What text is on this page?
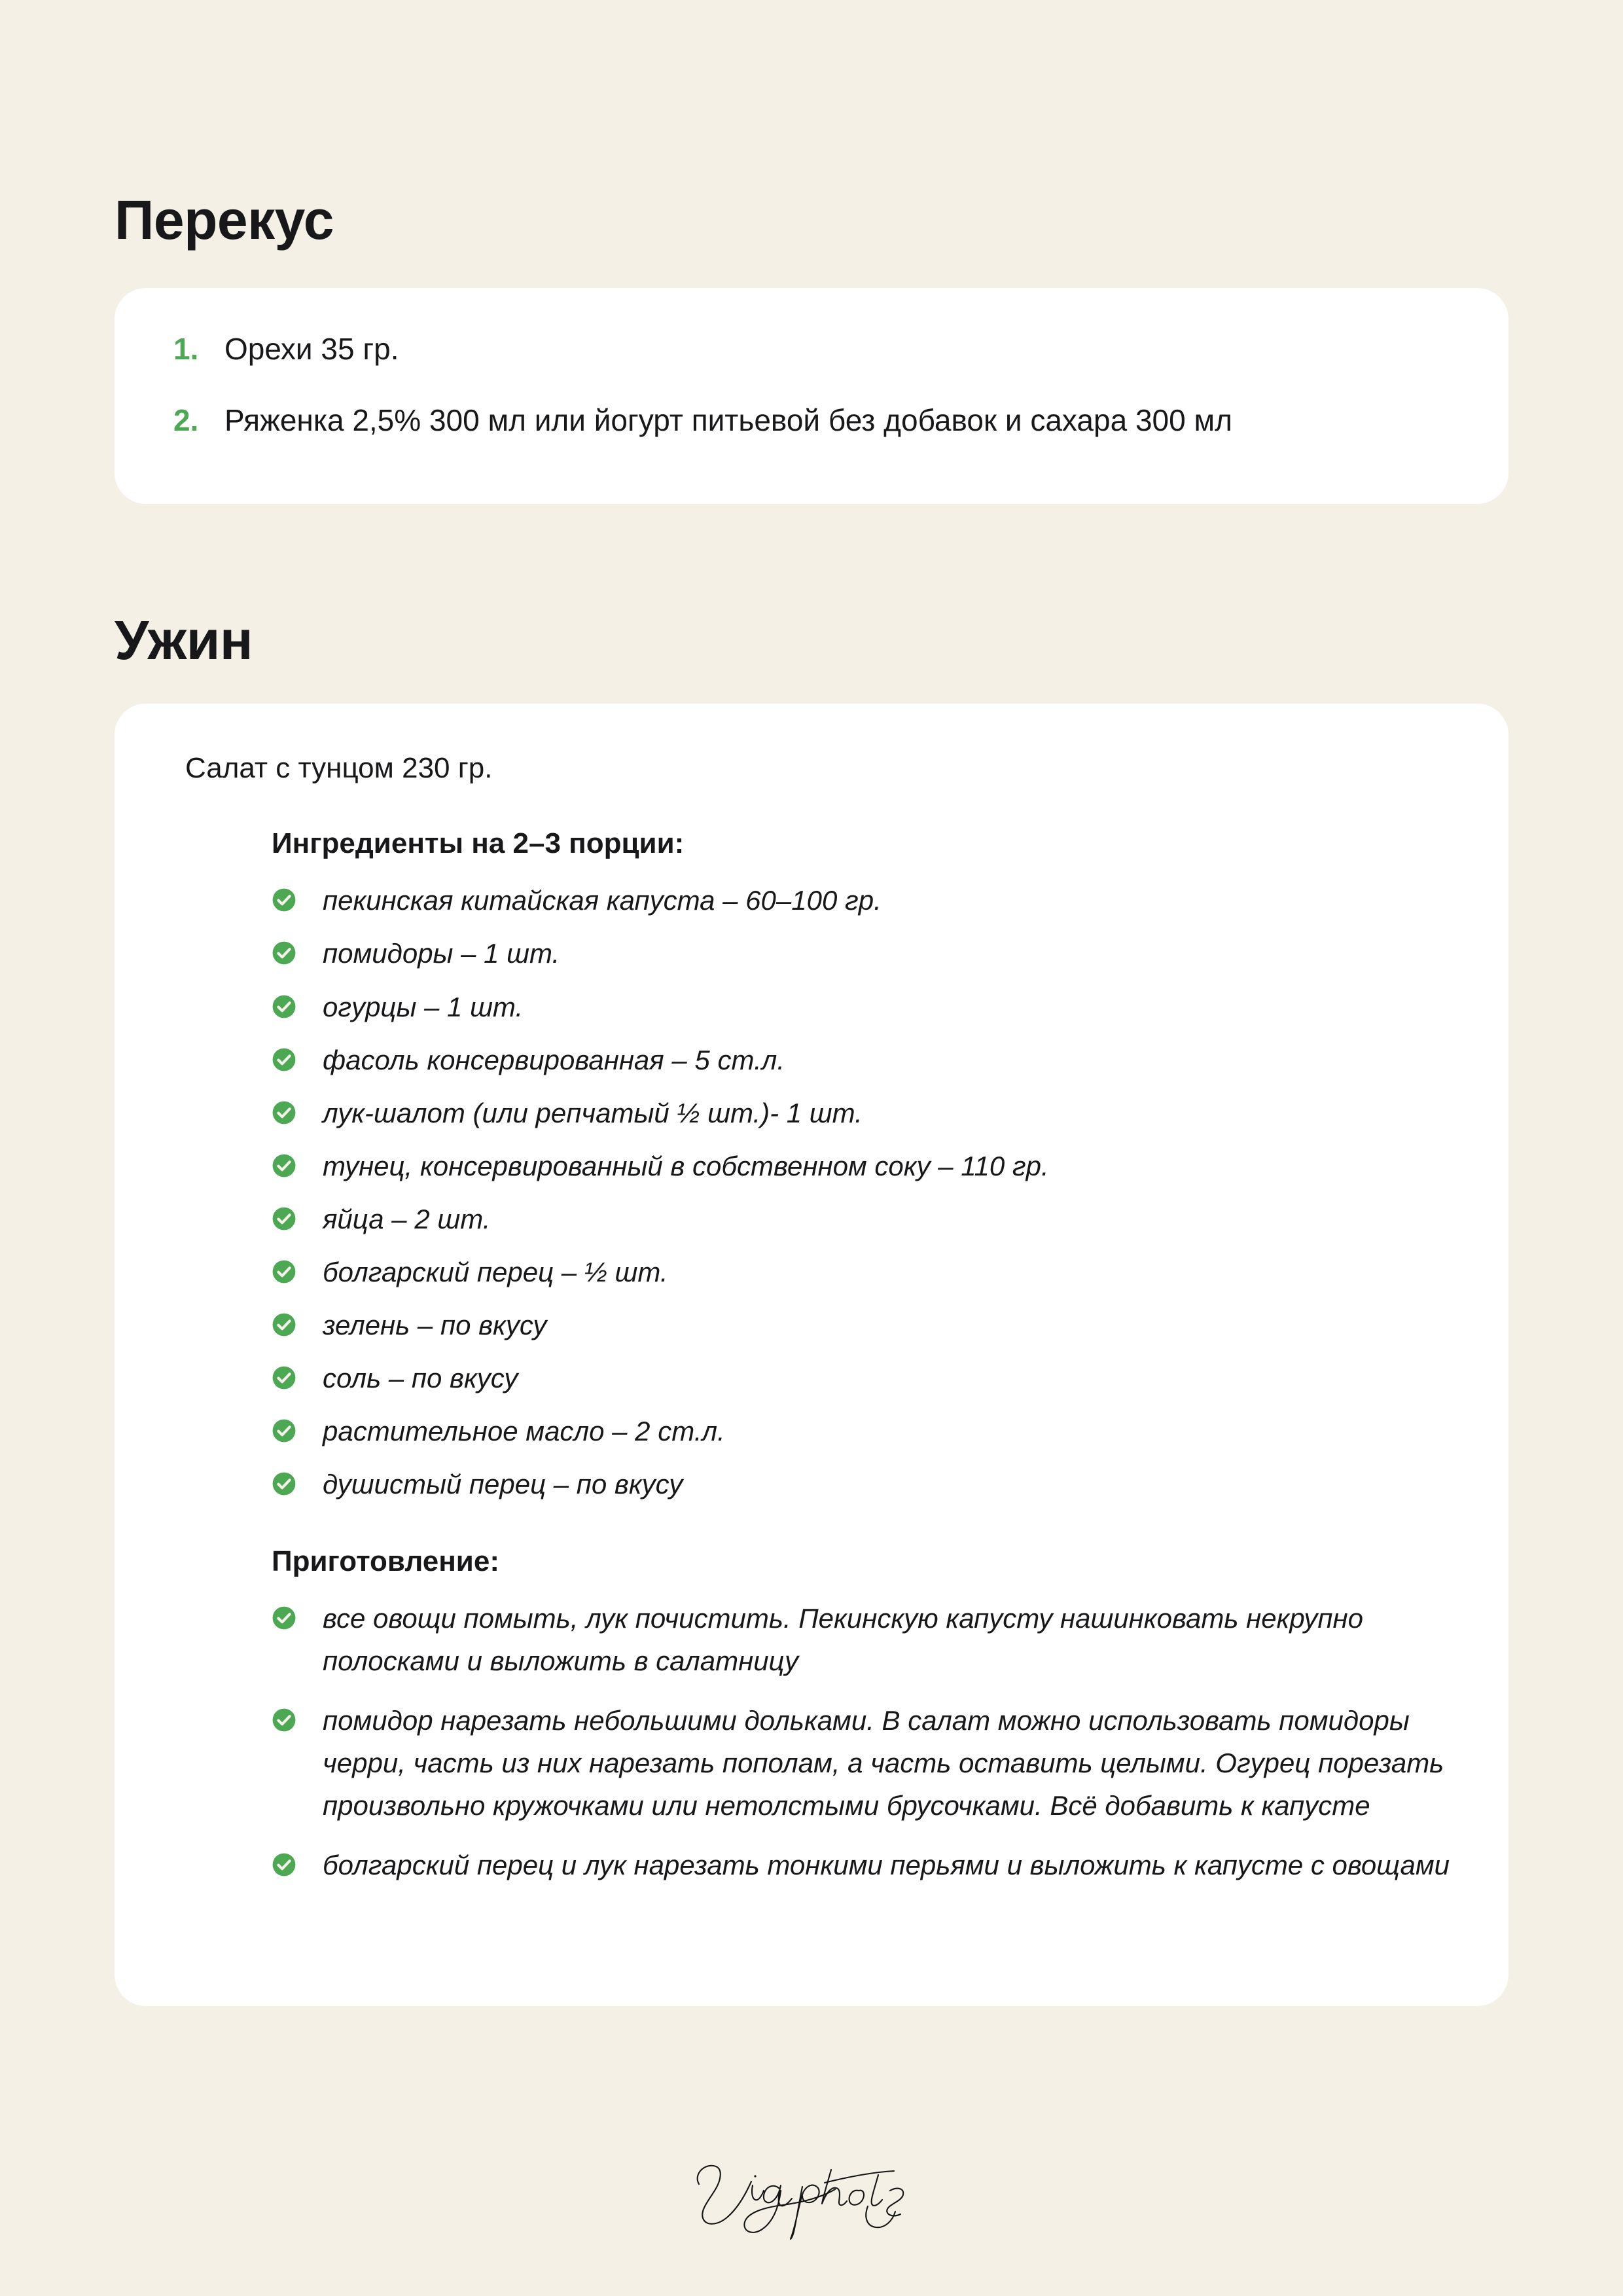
Перекус
1. Орехи 35 гр.
2. Ряженка 2,5% 300 мл или йогурт питьевой без добавок и сахара 300 мл
Ужин

Салат с тунцом 230 гр.

Ингредиенты на 2–3 порции:

пекинская китайская капуста – 60–100 гр.
помидоры – 1 шт.
огурцы – 1 шт.
фасоль консервированная – 5 ст.л.
лук-шалот (или репчатый ½ шт.)- 1 шт.
тунец, консервированный в собственном соку – 110 гр.
яйца – 2 шт.
болгарский перец – ½ шт.
зелень – по вкусу
соль – по вкусу
растительное масло – 2 ст.л.
душистый перец – по вкусу

Приготовление:

все овощи помыть, лук почистить. Пекинскую капусту нашинковать некрупно полосками и выложить в салатницу
помидор нарезать небольшими дольками. В салат можно использовать помидоры черри, часть из них нарезать пополам, а часть оставить целыми. Огурец порезать произвольно кружочками или нетолстыми брусочками. Всё добавить к капусте
болгарский перец и лук нарезать тонкими перьями и выложить к капусте с овощами
